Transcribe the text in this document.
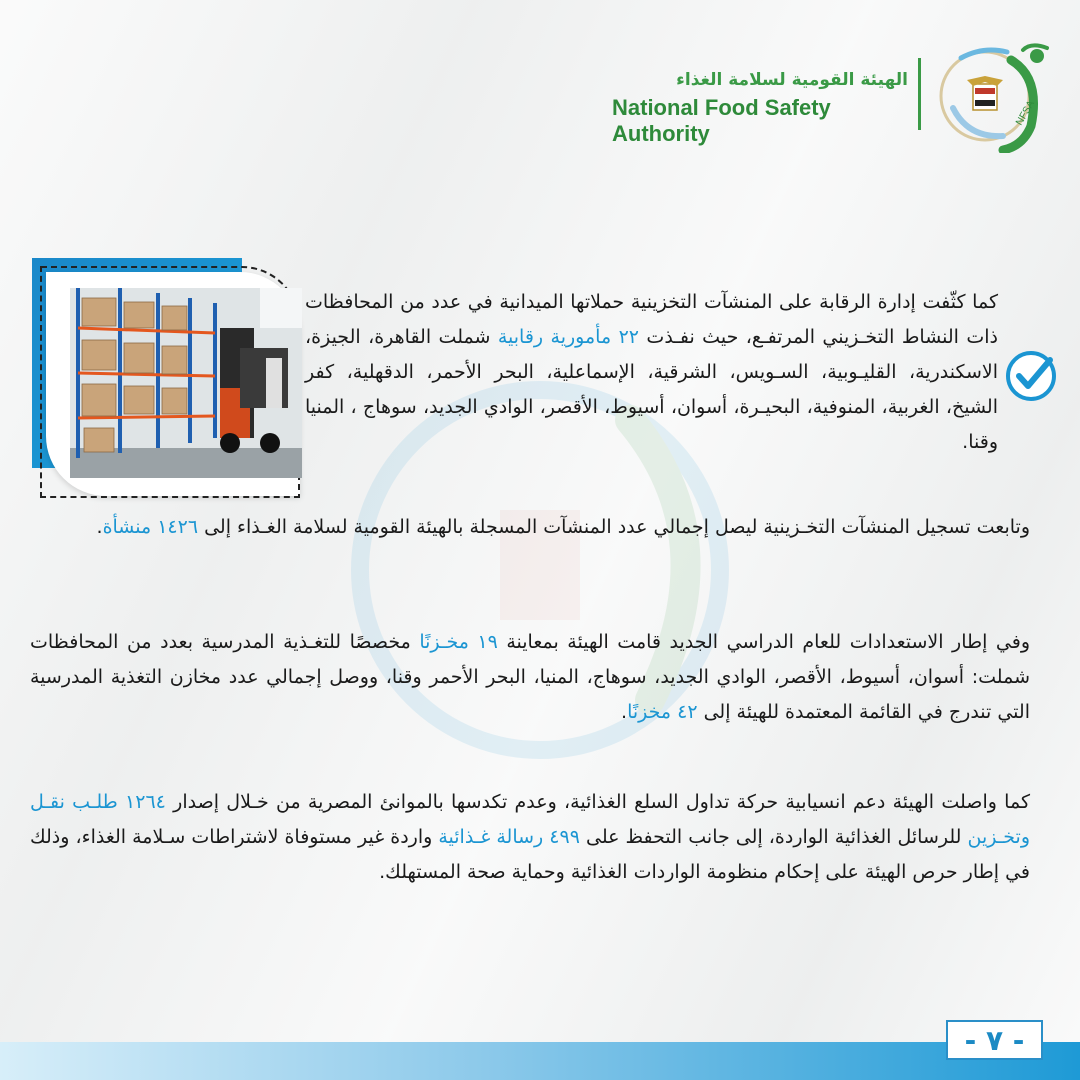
NFSA
الهيئة القومية لسلامة الغذاء
National Food Safety Authority
كما كثّفت إدارة الرقابة على المنشآت التخزينية حملاتها الميدانية في عدد من المحافظات ذات النشاط التخـزيني المرتفـع، حيث نفـذت ٢٢ مأمورية رقابية شملت القاهرة، الجيزة، الاسكندرية، القليـوبية، السـويس، الشرقية، الإسماعلية، البحر الأحمر، الدقهلية، كفر الشيخ، الغربية، المنوفية، البحيـرة، أسوان، أسيوط، الأقصر، الوادي الجديد، سوهاج ، المنيا وقنا.
وتابعت تسجيل المنشآت التخـزينية ليصل إجمالي عدد المنشآت المسجلة بالهيئة القومية لسلامة الغـذاء إلى ١٤٢٦ منشأة.
وفي إطار الاستعدادات للعام الدراسي الجديد قامت الهيئة بمعاينة ١٩ مخـزنًا مخصصًا للتغـذية المدرسية بعدد من المحافظات شملت: أسوان، أسيوط، الأقصر، الوادي الجديد، سوهاج، المنيا، البحر الأحمر وقنا، ووصل إجمالي عدد مخازن التغذية المدرسية التي تندرج في القائمة المعتمدة للهيئة إلى ٤٢ مخزنًا.
كما واصلت الهيئة دعم انسيابية حركة تداول السلع الغذائية، وعدم تكدسها بالموانئ المصرية من خـلال إصدار ١٢٦٤ طلـب نقـل وتخـزين للرسائل الغذائية الواردة، إلى جانب التحفظ على ٤٩٩ رسالة غـذائية واردة غير مستوفاة لاشتراطات سـلامة الغذاء، وذلك في إطار حرص الهيئة على إحكام منظومة الواردات الغذائية وحماية صحة المستهلك.
- ٧ -
